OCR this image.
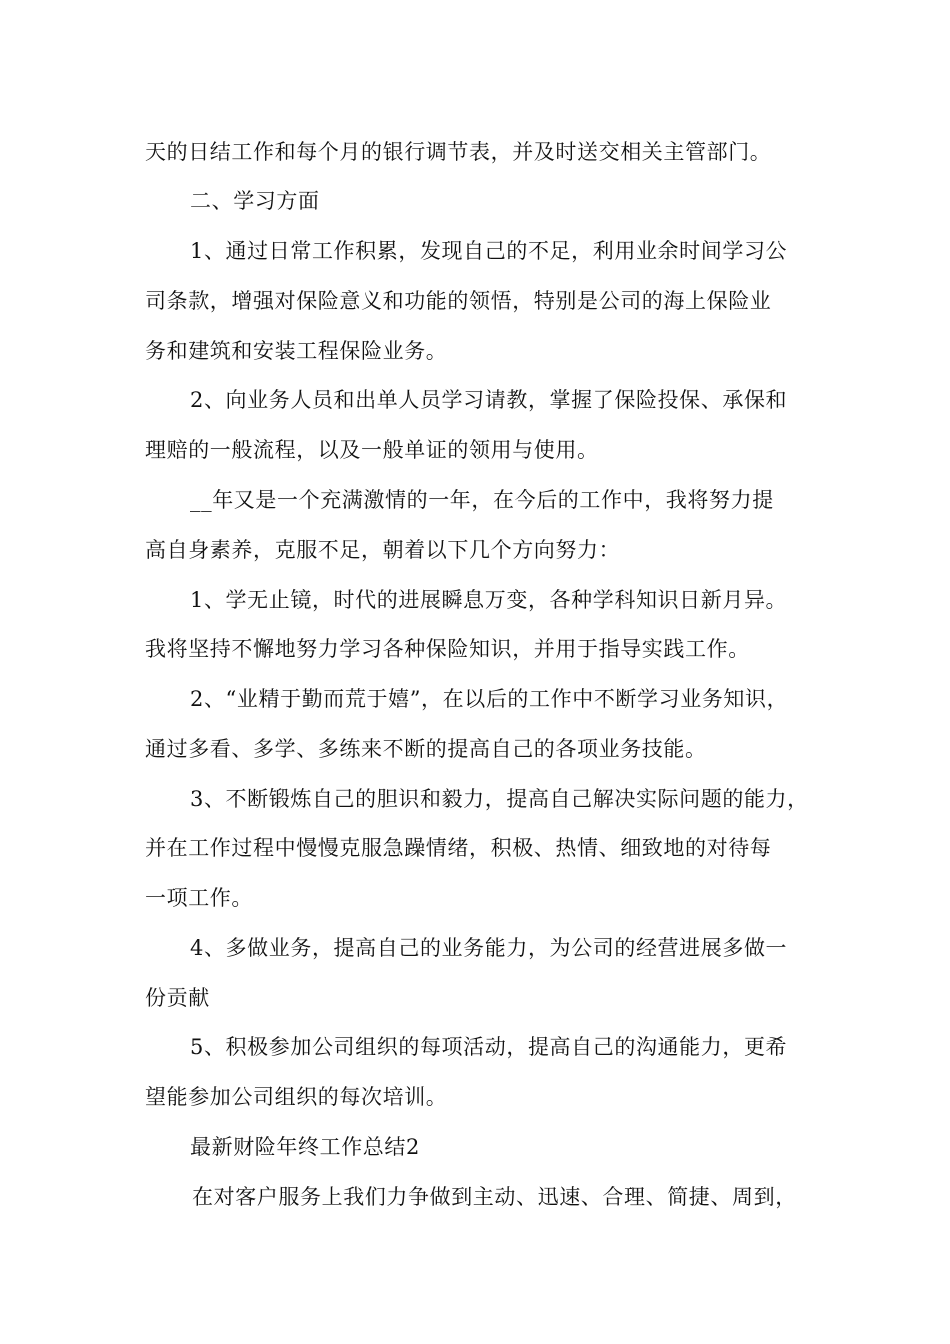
天的日结工作和每个月的银行调节表，并及时送交相关主管部门。
二、学习方面
1、通过日常工作积累，发现自己的不足，利用业余时间学习公
司条款，增强对保险意义和功能的领悟，特别是公司的海上保险业
务和建筑和安装工程保险业务。
2、向业务人员和出单人员学习请教，掌握了保险投保、承保和
理赔的一般流程，以及一般单证的领用与使用。
__年又是一个充满激情的一年，在今后的工作中，我将努力提
高自身素养，克服不足，朝着以下几个方向努力：
1、学无止镜，时代的进展瞬息万变，各种学科知识日新月异。
我将坚持不懈地努力学习各种保险知识，并用于指导实践工作。
2、“业精于勤而荒于嬉”，在以后的工作中不断学习业务知识，
通过多看、多学、多练来不断的提高自己的各项业务技能。
3、不断锻炼自己的胆识和毅力，提高自己解决实际问题的能力，
并在工作过程中慢慢克服急躁情绪，积极、热情、细致地的对待每
一项工作。
4、多做业务，提高自己的业务能力，为公司的经营进展多做一
份贡献
5、积极参加公司组织的每项活动，提高自己的沟通能力，更希
望能参加公司组织的每次培训。
最新财险年终工作总结2
在对客户服务上我们力争做到主动、迅速、合理、简捷、周到，
